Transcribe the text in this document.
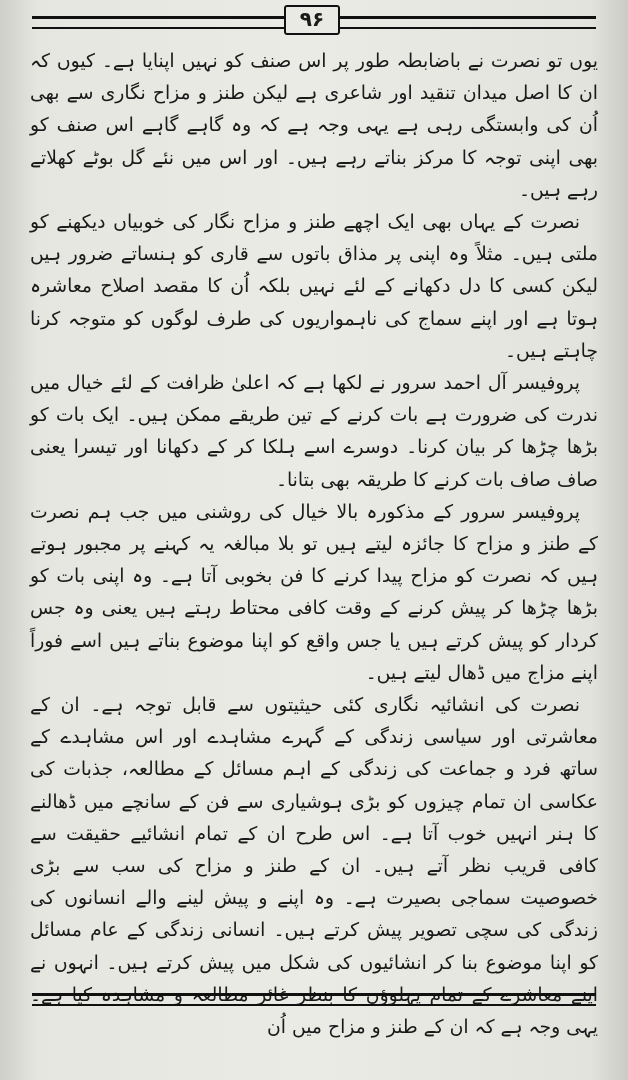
۹۶

یوں تو نصرت نے باضابطہ طور پر اس صنف کو نہیں اپنایا ہے۔ کیوں کہ ان کا اصل میدان تنقید اور شاعری ہے لیکن طنز و مزاح نگاری سے بھی اُن کی وابستگی رہی ہے یہی وجہ ہے کہ وہ گاہے گاہے اس صنف کو بھی اپنی توجہ کا مرکز بناتے رہے ہیں۔ اور اس میں نئے گل بوٹے کھلاتے رہے ہیں۔

نصرت کے یہاں بھی ایک اچھے طنز و مزاح نگار کی خوبیاں دیکھنے کو ملتی ہیں۔ مثلاً وہ اپنی پر مذاق باتوں سے قاری کو ہنساتے ضرور ہیں لیکن کسی کا دل دکھانے کے لئے نہیں بلکہ اُن کا مقصد اصلاح معاشرہ ہوتا ہے اور اپنے سماج کی ناہمواریوں کی طرف لوگوں کو متوجہ کرنا چاہتے ہیں۔

پروفیسر آل احمد سرور نے لکھا ہے کہ اعلیٰ ظرافت کے لئے خیال میں ندرت کی ضرورت ہے بات کرنے کے تین طریقے ممکن ہیں۔ ایک بات کو بڑھا چڑھا کر بیان کرنا۔ دوسرے اسے ہلکا کر کے دکھانا اور تیسرا یعنی صاف صاف بات کرنے کا طریقہ بھی بتانا۔

پروفیسر سرور کے مذکورہ بالا خیال کی روشنی میں جب ہم نصرت کے طنز و مزاح کا جائزہ لیتے ہیں تو بلا مبالغہ یہ کہنے پر مجبور ہوتے ہیں کہ نصرت کو مزاح پیدا کرنے کا فن بخوبی آتا ہے۔ وہ اپنی بات کو بڑھا چڑھا کر پیش کرنے کے وقت کافی محتاط رہتے ہیں یعنی وہ جس کردار کو پیش کرتے ہیں یا جس واقع کو اپنا موضوع بناتے ہیں اسے فوراً اپنے مزاج میں ڈھال لیتے ہیں۔

نصرت کی انشائیہ نگاری کئی حیثیتوں سے قابل توجہ ہے۔ ان کے معاشرتی اور سیاسی زندگی کے گہرے مشاہدے اور اس مشاہدے کے ساتھ فرد و جماعت کی زندگی کے اہم مسائل کے مطالعہ، جذبات کی عکاسی ان تمام چیزوں کو بڑی ہوشیاری سے فن کے سانچے میں ڈھالنے کا ہنر انہیں خوب آتا ہے۔ اس طرح ان کے تمام انشائیے حقیقت سے کافی قریب نظر آتے ہیں۔ ان کے طنز و مزاح کی سب سے بڑی خصوصیت سماجی بصیرت ہے۔ وہ اپنے و پیش لینے والے انسانوں کی زندگی کی سچی تصویر پیش کرتے ہیں۔ انسانی زندگی کے عام مسائل کو اپنا موضوع بنا کر انشائیوں کی شکل میں پیش کرتے ہیں۔ انہوں نے اپنے معاشرے کے تمام پہلوؤں کا بنظر غائر مطالعہ و مشاہدہ کیا ہے۔ یہی وجہ ہے کہ ان کے طنز و مزاح میں اُن
